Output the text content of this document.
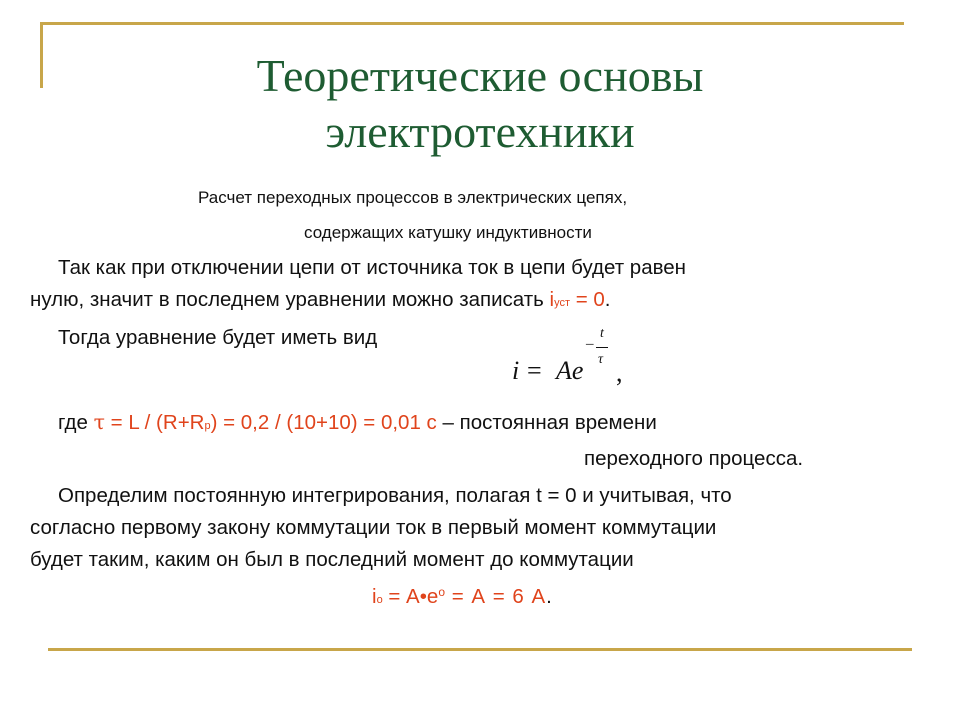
Теоретические основы
электротехники
Расчет переходных процессов в электрических цепях,
содержащих катушку индуктивности
Так как при отключении цепи от источника ток в цепи будет равен
нулю, значит в последнем уравнении можно записать iуст = 0.
Тогда уравнение будет иметь вид
i = Ae
–
t
τ ,
где τ = L / (R+Rр) = 0,2 / (10+10) = 0,01 с – постоянная времени
переходного процесса.
Определим постоянную интегрирования, полагая t = 0 и учитывая, что
согласно первому закону коммутации ток в первый момент коммутации
будет таким, каким он был в последний момент до коммутации
iо = $A•e^о = А = 6$ А.
